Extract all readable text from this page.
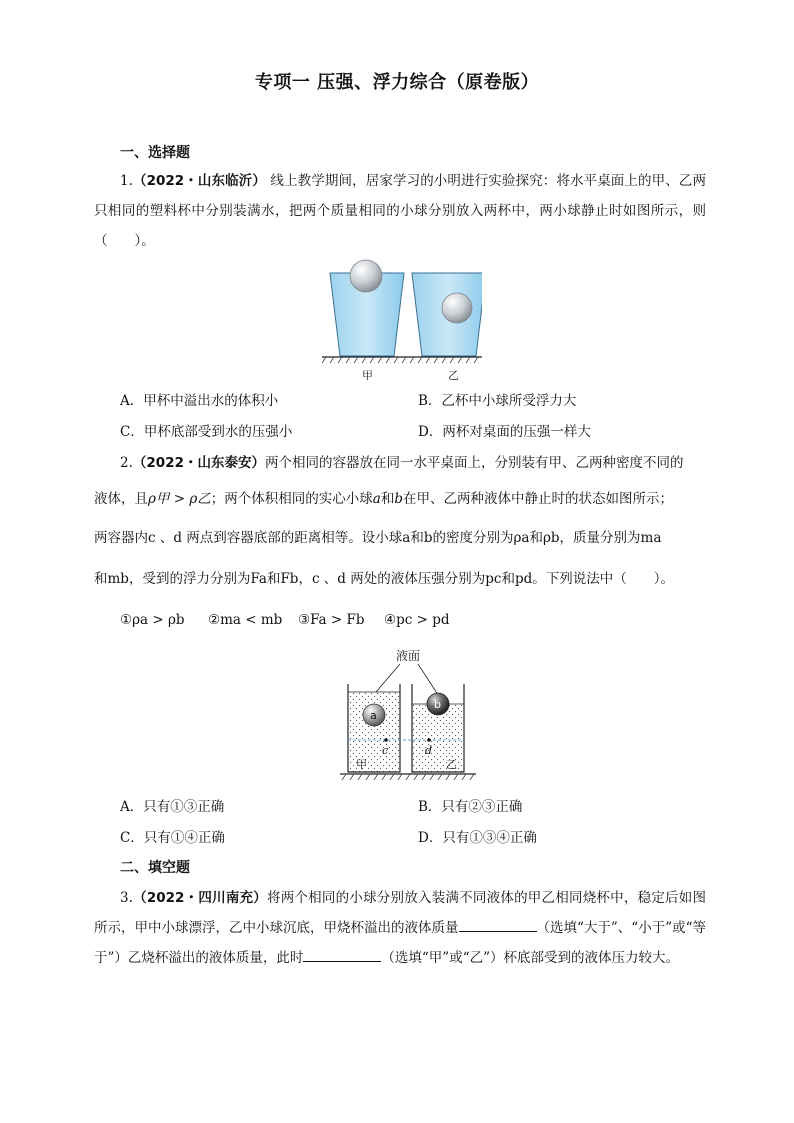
专项一 压强、浮力综合（原卷版）
一、选择题
1.（2022・山东临沂） 线上教学期间，居家学习的小明进行实验探究：将水平桌面上的甲、乙两只相同的塑料杯中分别装满水，把两个质量相同的小球分别放入两杯中，两小球静止时如图所示，则（　　）。
甲	乙
A．甲杯中溢出水的体积小	B．乙杯中小球所受浮力大
C．甲杯底部受到水的压强小	D．两杯对桌面的压强一样大
2.（2022・山东泰安）两个相同的容器放在同一水平桌面上，分别装有甲、乙两种密度不同的
液体，且ρ甲 > ρ乙；两个体积相同的实心小球a和b在甲、乙两种液体中静止时的状态如图所示；
两容器内c 、d 两点到容器底部的距离相等。设小球a和b的密度分别为ρa和ρb，质量分别为ma
和mb，受到的浮力分别为Fa和Fb，c 、d 两处的液体压强分别为pc和pd。下列说法中（　　）。
①ρa > ρb ②ma < mb ③Fa > Fb ④pc > pd
液面
a
b
c	d
甲	乙
A．只有①③正确	B．只有②③正确
C．只有①④正确	D．只有①③④正确
二、填空题
3.（2022・四川南充）将两个相同的小球分别放入装满不同液体的甲乙相同烧杯中，稳定后如图所示，甲中小球漂浮，乙中小球沉底，甲烧杯溢出的液体质量	（选填“大于”、“小于”或“等于”）乙烧杯溢出的液体质量，此时	（选填“甲”或“乙”）杯底部受到的液体压力较大。
